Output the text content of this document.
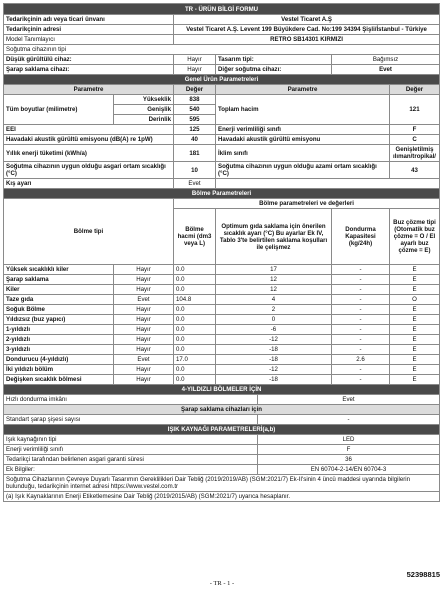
TR - ÜRÜN BİLGİ FORMU						
Tedarikçinin adı veya ticari ünvanı		Vestel Ticaret A.Ş				
Tedarikçinin adresi		Vestel Ticaret A.Ş. Levent 199 Büyükdere Cad. No:199 34394 Şişli/İstanbul - Türkiye				
Model Tanımlayıcı		RETRO SB14301 KIRMIZI				
Soğutma cihazının tipi						
Düşük gürültülü cihaz:		Hayır	Tasarım tipi:		Bağımsız	
Şarap saklama cihazı:		Hayır	Diğer soğutma cihazı:		Evet	
Genel Ürün Parametreleri						
Parametre		Değer	Parametre			Değer
Tüm boyutlar (milimetre)	Yükseklik	838	Toplam hacim			121
	Genişlik	540				
	Derinlik	595				
EEI		125	Enerji verimliliği sınıfı			F
Havadaki akustik gürültü emisyonu (dB(A) re 1pW)		40	Havadaki akustik gürültü emisyonu			C
Yıllık enerji tüketimi (kWh/a)		181	İklim sınıfı			Genişletilmiş ılıman/tropikal/
Soğutma cihazının uygun olduğu asgari ortam sıcaklığı (°C)		10	Soğutma cihazının uygun olduğu azami ortam sıcaklığı (°C)			43
Kış ayarı		Evet				
Bölme Parametreleri						
Bölme tipi		Bölme parametreleri ve değerleri				
		Bölme hacmi (dm3 veya L)	Optimum gıda saklama için önerilen sıcaklık ayarı (°C) Bu ayarlar Ek IV, Tablo 3'te belirtilen saklama koşulları ile çelişmez		Dondurma Kapasitesi (kg/24h)	Buz çözme tipi (Otomatik buz çözme = O / El ayarlı buz çözme = E)
Yüksek sıcaklıklı kiler	Hayır	0.0	17		-	E
Şarap saklama	Hayır	0.0	12		-	E
Kiler	Hayır	0.0	12		-	E
Taze gıda	Evet	104.8	4		-	O
Soğuk Bölme	Hayır	0.0	2		-	E
Yıldızsız (buz yapıcı)	Hayır	0.0	0		-	E
1-yıldızlı	Hayır	0.0	-6		-	E
2-yıldızlı	Hayır	0.0	-12		-	E
3-yıldızlı	Hayır	0.0	-18		-	E
Dondurucu (4-yıldızlı)	Evet	17.0	-18		2.6	E
İki yıldızlı bölüm	Hayır	0.0	-12		-	E
Değişken sıcaklık bölmesi	Hayır	0.0	-18		-	E
4-YILDIZLI BÖLMELER İÇİN						
Hızlı dondurma imkânı				Evet		
Şarap saklama cihazları için						
Standart şarap şişesi sayısı				-		
IŞIK KAYNAĞI PARAMETRELERİ(a,b)						
Işık kaynağının tipi				LED		
Enerji verimliliği sınıfı				F		
Tedarikçi tarafından belirlenen asgari garanti süresi				36		
Ek Bilgiler:				EN 60704-2-14/EN 60704-3		
Soğutma Cihazlarının Çevreye Duyarlı Tasarımın Gereklilikleri Dair Tebliğ (2019/2019/AB) (SGM:2021/7) Ek-II'sinin 4 üncü maddesi uyarında bilgilerin bulunduğu, tedarikçinin internet adresi https://www.vestel.com.tr						
(a) Işık Kaynaklarının Enerji Etiketlemesine Dair Tebliğ (2019/2015/AB) (SGM:2021/7) uyarıca hesaplanır.						
52398815
- TR - 1 -
